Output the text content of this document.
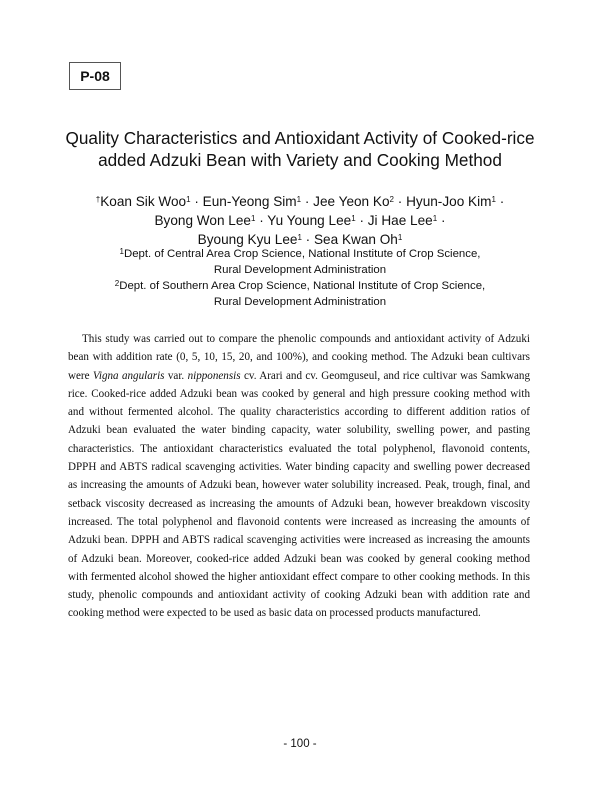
P-08
Quality Characteristics and Antioxidant Activity of Cooked-rice
added Adzuki Bean with Variety and Cooking Method
†Koan Sik Woo$^1$ · Eun-Yeong Sim$^1$ · Jee Yeon $Ko^2$ · Hyun-Joo Kim$^1$ ·
Byong Won Lee$^1$ · Yu Young Lee$^1$ · Ji Hae Lee$^1$ ·
Byoung Kyu Lee$^1$ · Sea Kwan Oh$^1$
$^1$Dept. of Central Area Crop Science, National Institute of Crop Science,
Rural Development Administration
$^2$Dept. of Southern Area Crop Science, National Institute of Crop Science,
Rural Development Administration

This study was carried out to compare the phenolic compounds and antioxidant activity of Adzuki bean with addition rate (0, 5, 10, 15, 20, and 100%), and cooking method. The Adzuki bean cultivars were Vigna angularis var. nipponensis cv. Arari and cv. Geomguseul, and rice cultivar was Samkwang rice. Cooked-rice added Adzuki bean was cooked by general and high pressure cooking method with and without fermented alcohol. The quality characteristics according to different addition ratios of Adzuki bean evaluated the water binding capacity, water solubility, swelling power, and pasting characteristics. The antioxidant characteristics evaluated the total polyphenol, flavonoid contents, DPPH and ABTS radical scavenging activities. Water binding capacity and swelling power decreased as increasing the amounts of Adzuki bean, however water solubility increased. Peak, trough, final, and setback viscosity decreased as increasing the amounts of Adzuki bean, however breakdown viscosity increased. The total polyphenol and flavonoid contents were increased as increasing the amounts of Adzuki bean. DPPH and ABTS radical scavenging activities were increased as increasing the amounts of Adzuki bean. Moreover, cooked-rice added Adzuki bean was cooked by general cooking method with fermented alcohol showed the higher antioxidant effect compare to other cooking methods. In this study, phenolic compounds and antioxidant activity of cooking Adzuki bean with addition rate and cooking method were expected to be used as basic data on processed products manufactured.

- 100 -
